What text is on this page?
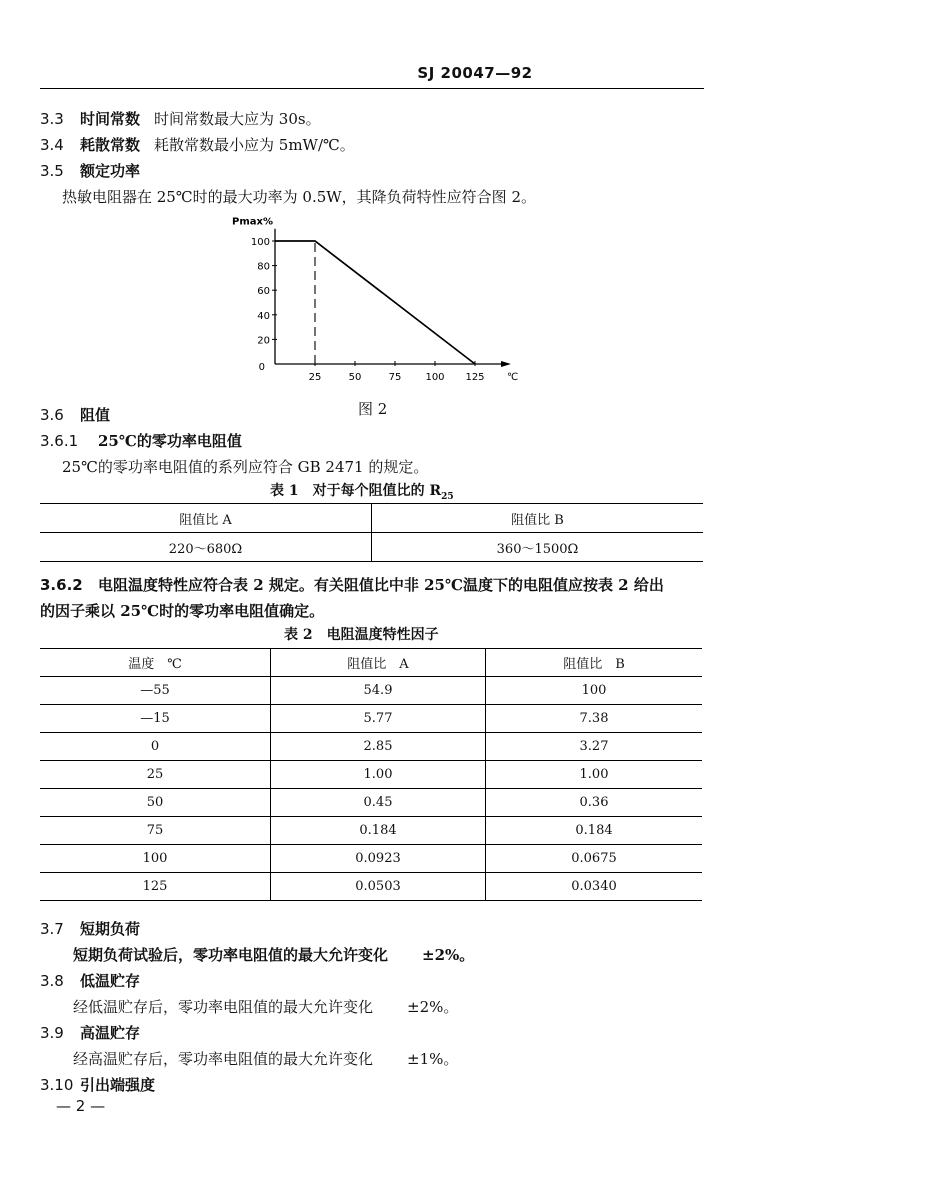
SJ 20047—92
3.3 时间常数 时间常数最大应为 30s。
3.4 耗散常数 耗散常数最小应为 5mW/℃。
3.5 额定功率
热敏电阻器在 25℃时的最大功率为 0.5W，其降负荷特性应符合图 2。
100
80
60
40
20
25	50	75 100 125
0
Pmax%
℃
图 2
3.6 阻值
3.6.1 25℃的零功率电阻值
25℃的零功率电阻值的系列应符合 GB 2471 的规定。
表 1　对于每个阻值比的 $R_{25}$
阻值比 A	阻值比 B
220～680Ω	360～1500Ω
3.6.2 电阻温度特性应符合表 2 规定。有关阻值比中非 25℃温度下的电阻值应按表 2 给出
的因子乘以 25℃时的零功率电阻值确定。
表 2　电阻温度特性因子
温度　℃	阻值比　A	阻值比　B
—55	54.9	100
—15	5.77	7.38
0	2.85	3.27
25	1.00	1.00
50	0.45	0.36
75	0.184	0.184
100	0.0923	0.0675
125	0.0503	0.0340
3.7 短期负荷
短期负荷试验后，零功率电阻值的最大允许变化 ±2%。
3.8 低温贮存
经低温贮存后，零功率电阻值的最大允许变化 ±2%。
3.9 高温贮存
经高温贮存后，零功率电阻值的最大允许变化 ±1%。
3.10 引出端强度
— 2 —
